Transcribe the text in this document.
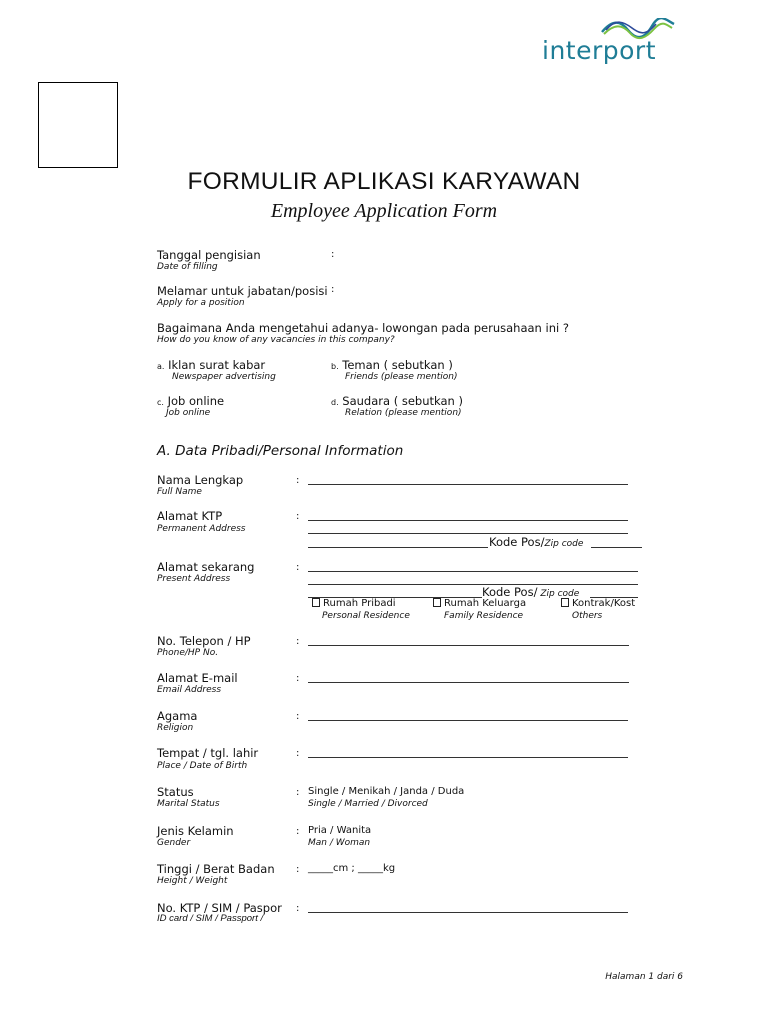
interport
FORMULIR APLIKASI KARYAWAN
Employee Application Form
Tanggal pengisian	:
Date of filling
Melamar untuk jabatan/posisi :
Apply for a position
Bagaimana Anda mengetahui adanya- lowongan pada perusahaan ini ?
How do you know of any vacancies in this company?
a. Iklan surat kabar
Newspaper advertising
b. Teman ( sebutkan )
Friends (please mention)
c. Job online
Job online
d. Saudara ( sebutkan )
Relation (please mention)
A. Data Pribadi/Personal Information
Nama Lengkap
Full Name
:
Alamat KTP
Permanent Address
:
Kode Pos/Zip code
Alamat sekarang
Present Address
:
Kode Pos/ Zip code
Rumah Pribadi
Personal Residence
Rumah Keluarga
Family Residence
Kontrak/Kost
Others
No. Telepon / HP
Phone/HP No.
:
Alamat E-mail
Email Address
:
Agama
Religion
:
Tempat / tgl. lahir
Place / Date of Birth
:
Status
Marital Status
: Single / Menikah / Janda / Duda
Single / Married / Divorced
Jenis Kelamin
Gender
: Pria / Wanita
Man / Woman
Tinggi / Berat Badan
Height / Weight
: _____cm ; _____kg
No. KTP / SIM / Paspor
ID card / SIM / Passport /
:
Halaman 1 dari 6
